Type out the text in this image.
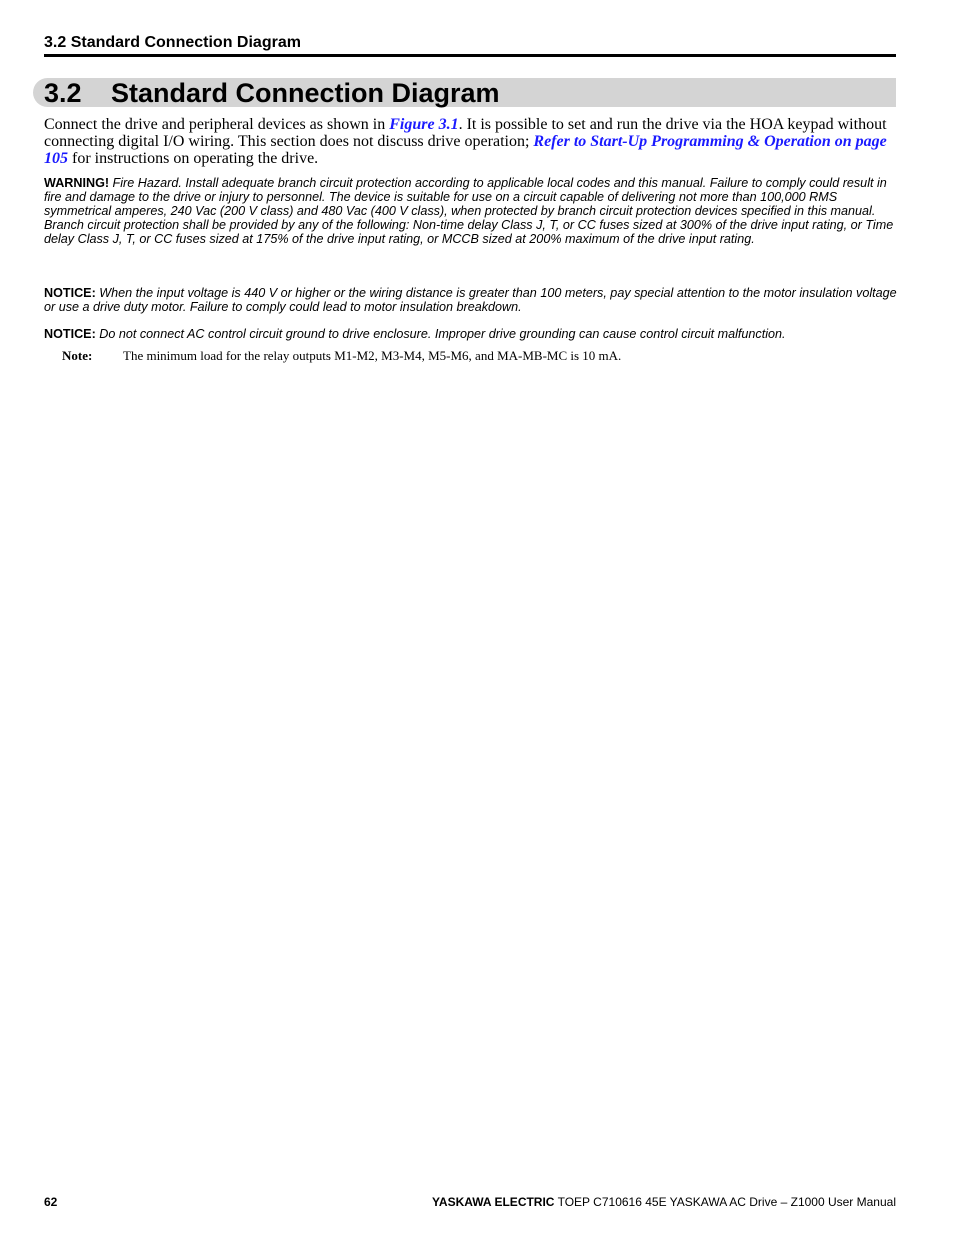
3.2 Standard Connection Diagram
3.2 Standard Connection Diagram
Connect the drive and peripheral devices as shown in Figure 3.1. It is possible to set and run the drive via the HOA keypad without connecting digital I/O wiring. This section does not discuss drive operation; Refer to Start-Up Programming & Operation on page 105 for instructions on operating the drive.
WARNING! Fire Hazard. Install adequate branch circuit protection according to applicable local codes and this manual. Failure to comply could result in fire and damage to the drive or injury to personnel. The device is suitable for use on a circuit capable of delivering not more than 100,000 RMS symmetrical amperes, 240 Vac (200 V class) and 480 Vac (400 V class), when protected by branch circuit protection devices specified in this manual.
Branch circuit protection shall be provided by any of the following: Non-time delay Class J, T, or CC fuses sized at 300% of the drive input rating, or Time delay Class J, T, or CC fuses sized at 175% of the drive input rating, or MCCB sized at 200% maximum of the drive input rating.
NOTICE: When the input voltage is 440 V or higher or the wiring distance is greater than 100 meters, pay special attention to the motor insulation voltage or use a drive duty motor. Failure to comply could lead to motor insulation breakdown.
NOTICE: Do not connect AC control circuit ground to drive enclosure. Improper drive grounding can cause control circuit malfunction.
Note: The minimum load for the relay outputs M1-M2, M3-M4, M5-M6, and MA-MB-MC is 10 mA.
62	YASKAWA ELECTRIC TOEP C710616 45E YASKAWA AC Drive – Z1000 User Manual
